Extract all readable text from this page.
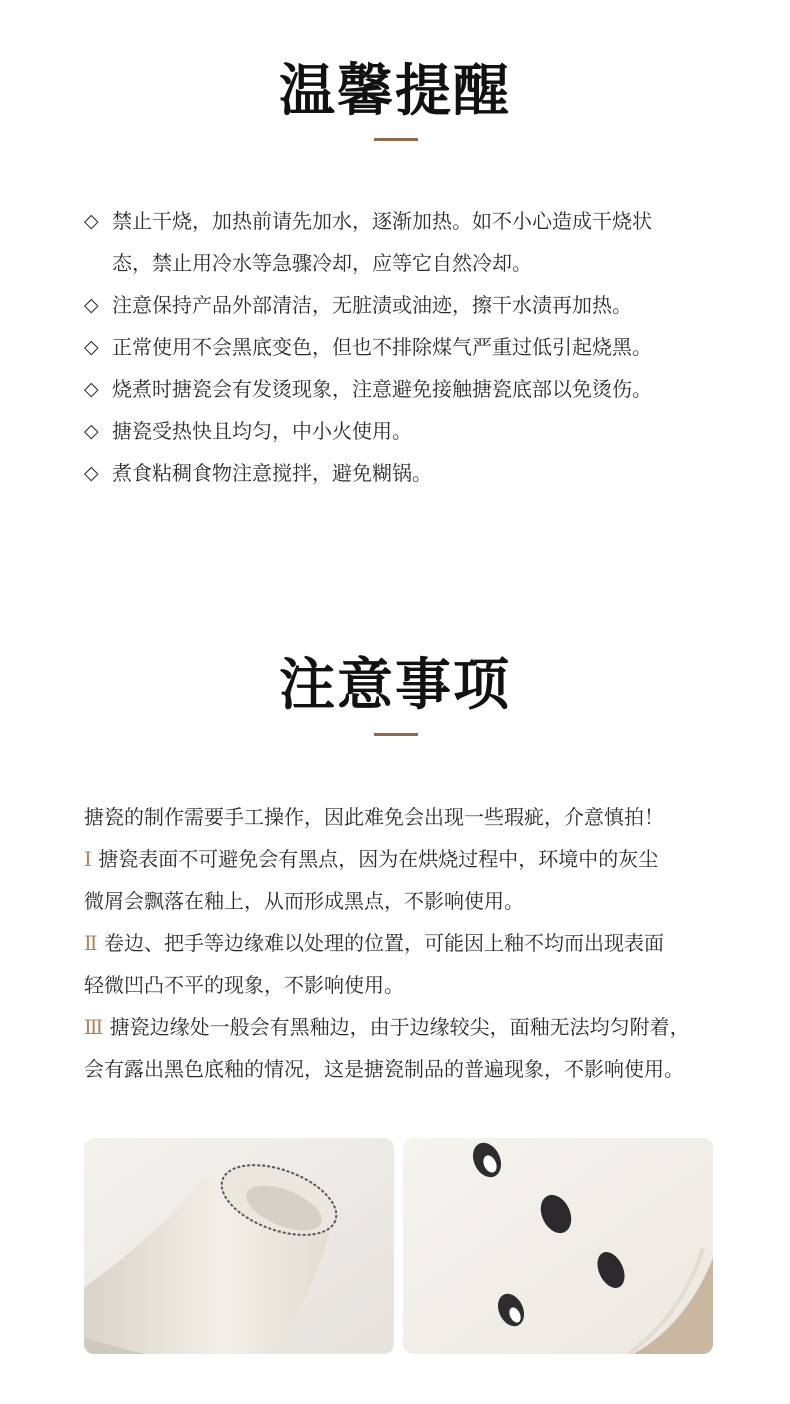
温馨提醒
◇ 禁止干烧，加热前请先加水，逐渐加热。如不小心造成干烧状
态，禁止用冷水等急骤冷却，应等它自然冷却。
◇ 注意保持产品外部清洁，无脏渍或油迹，擦干水渍再加热。
◇ 正常使用不会黑底变色，但也不排除煤气严重过低引起烧黑。
◇ 烧煮时搪瓷会有发烫现象，注意避免接触搪瓷底部以免烫伤。
◇ 搪瓷受热快且均匀，中小火使用。
◇ 煮食粘稠食物注意搅拌，避免糊锅。
注意事项
搪瓷的制作需要手工操作，因此难免会出现一些瑕疵，介意慎拍！
Ⅰ 搪瓷表面不可避免会有黑点，因为在烘烧过程中，环境中的灰尘
微屑会飘落在釉上，从而形成黑点，不影响使用。
Ⅱ 卷边、把手等边缘难以处理的位置，可能因上釉不均而出现表面
轻微凹凸不平的现象，不影响使用。
Ⅲ 搪瓷边缘处一般会有黑釉边，由于边缘较尖，面釉无法均匀附着，
会有露出黑色底釉的情况，这是搪瓷制品的普遍现象，不影响使用。
